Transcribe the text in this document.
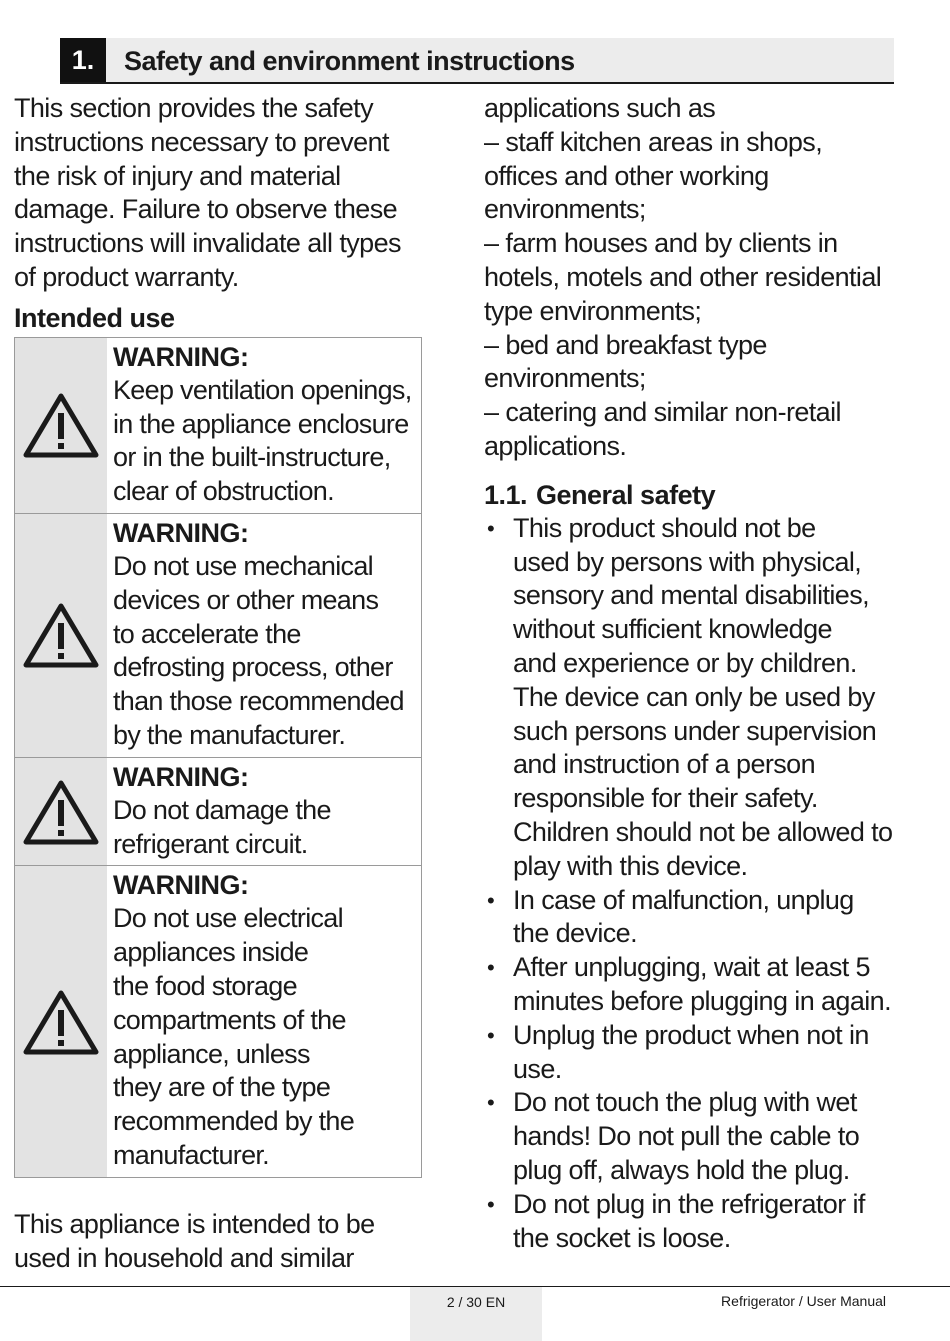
1.	Safety and environment instructions

This section provides the safety
instructions necessary to prevent
the risk of injury and material
damage. Failure to observe these
instructions will invalidate all types
of product warranty.

Intended use
WARNING:
Keep ventilation openings,
in the appliance enclosure
or in the built-instructure,
clear of obstruction.
WARNING:
Do not use mechanical
devices or other means
to accelerate the
defrosting process, other
than those recommended
by the manufacturer.
WARNING:
Do not damage the
refrigerant circuit.
WARNING:
Do not use electrical
appliances inside
the food storage
compartments of the
appliance, unless
they are of the type
recommended by the
manufacturer.

This appliance is intended to be
used in household and similar

applications such as
– staff kitchen areas in shops,
offices and other working
environments;
– farm houses and by clients in
hotels, motels and other residential
type environments;
– bed and breakfast type
environments;
– catering and similar non-retail
applications.

1.1. General safety
• This product should not be
used by persons with physical,
sensory and mental disabilities,
without sufficient knowledge
and experience or by children.
The device can only be used by
such persons under supervision
and instruction of a person
responsible for their safety.
Children should not be allowed to
play with this device.
• In case of malfunction, unplug
the device.
• After unplugging, wait at least 5
minutes before plugging in again.
• Unplug the product when not in
use.
• Do not touch the plug with wet
hands! Do not pull the cable to
plug off, always hold the plug.
• Do not plug in the refrigerator if
the socket is loose.
2 / 30 EN	Refrigerator / User Manual
